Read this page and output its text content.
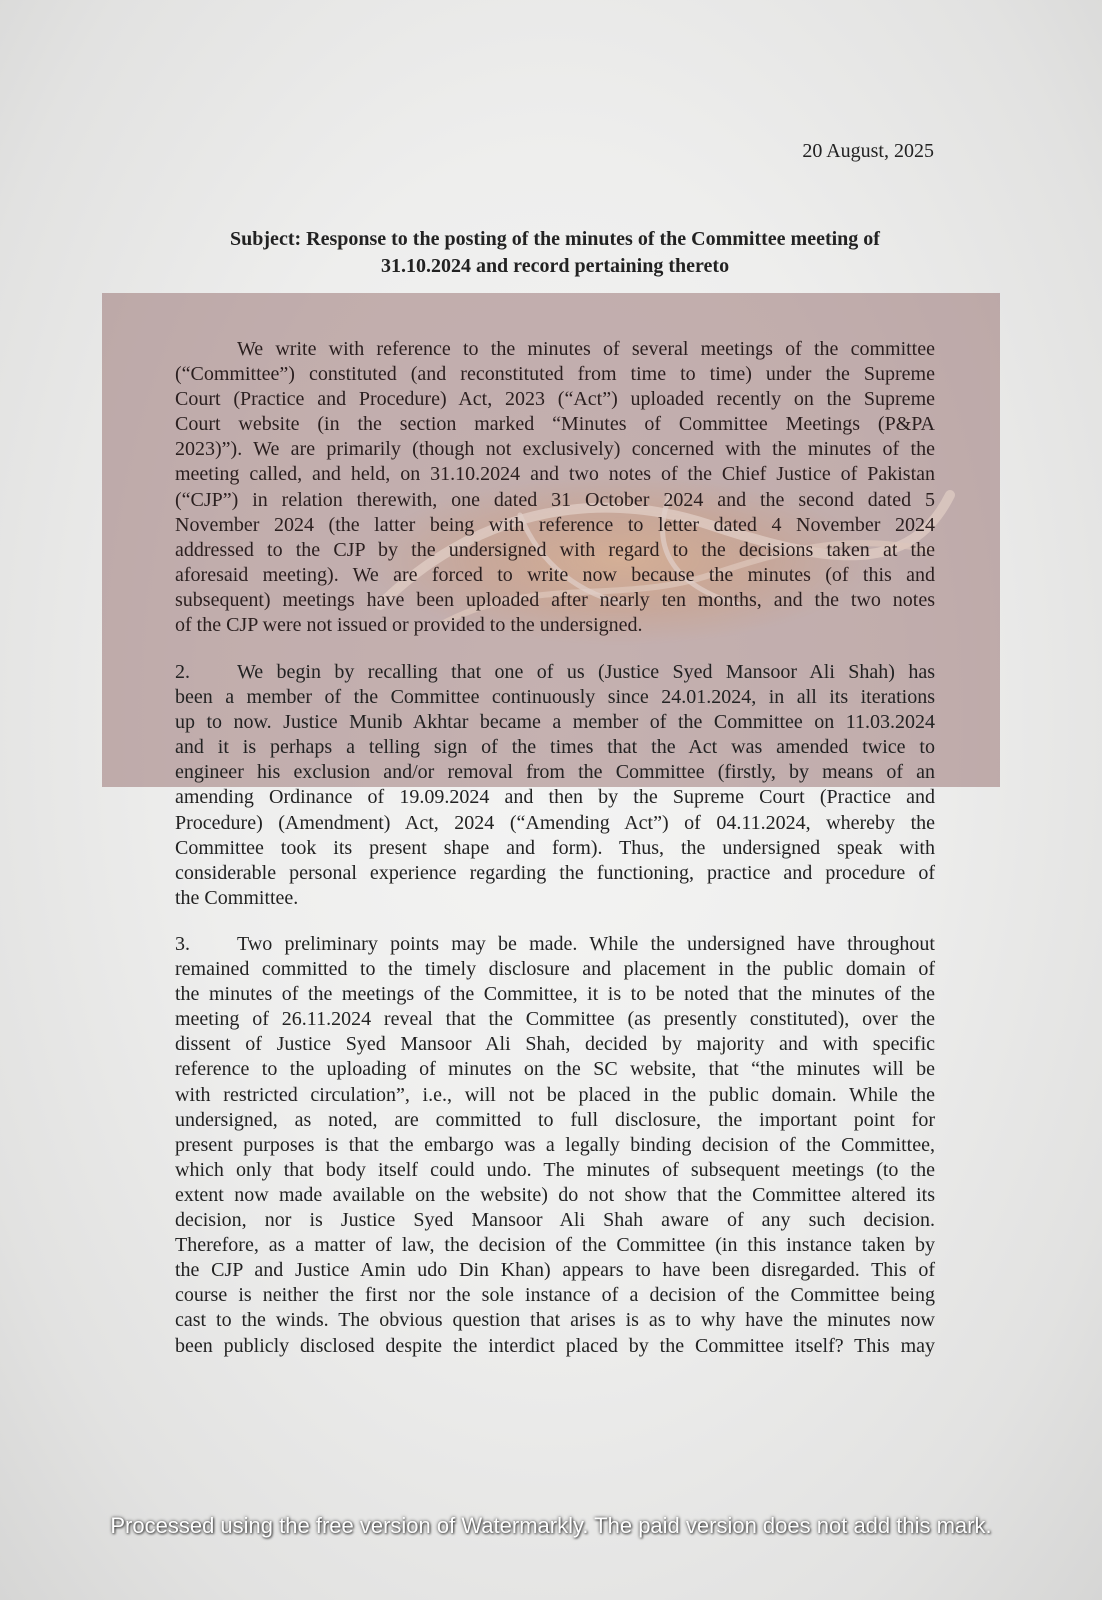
20 August, 2025
Subject: Response to the posting of the minutes of the Committee meeting of
31.10.2024 and record pertaining thereto
We write with reference to the minutes of several meetings of the committee
(“Committee”) constituted (and reconstituted from time to time) under the Supreme
Court (Practice and Procedure) Act, 2023 (“Act”) uploaded recently on the Supreme
Court website (in the section marked “Minutes of Committee Meetings (P&PA
2023)”). We are primarily (though not exclusively) concerned with the minutes of the
meeting called, and held, on 31.10.2024 and two notes of the Chief Justice of Pakistan
(“CJP”) in relation therewith, one dated 31 October 2024 and the second dated 5
November 2024 (the latter being with reference to letter dated 4 November 2024
addressed to the CJP by the undersigned with regard to the decisions taken at the
aforesaid meeting). We are forced to write now because the minutes (of this and
subsequent) meetings have been uploaded after nearly ten months, and the two notes
of the CJP were not issued or provided to the undersigned.
2.	We begin by recalling that one of us (Justice Syed Mansoor Ali Shah) has
been a member of the Committee continuously since 24.01.2024, in all its iterations
up to now. Justice Munib Akhtar became a member of the Committee on 11.03.2024
and it is perhaps a telling sign of the times that the Act was amended twice to
engineer his exclusion and/or removal from the Committee (firstly, by means of an
amending Ordinance of 19.09.2024 and then by the Supreme Court (Practice and
Procedure) (Amendment) Act, 2024 (“Amending Act”) of 04.11.2024, whereby the
Committee took its present shape and form). Thus, the undersigned speak with
considerable personal experience regarding the functioning, practice and procedure of
the Committee.
3.	Two preliminary points may be made. While the undersigned have throughout
remained committed to the timely disclosure and placement in the public domain of
the minutes of the meetings of the Committee, it is to be noted that the minutes of the
meeting of 26.11.2024 reveal that the Committee (as presently constituted), over the
dissent of Justice Syed Mansoor Ali Shah, decided by majority and with specific
reference to the uploading of minutes on the SC website, that “the minutes will be
with restricted circulation”, i.e., will not be placed in the public domain. While the
undersigned, as noted, are committed to full disclosure, the important point for
present purposes is that the embargo was a legally binding decision of the Committee,
which only that body itself could undo. The minutes of subsequent meetings (to the
extent now made available on the website) do not show that the Committee altered its
decision, nor is Justice Syed Mansoor Ali Shah aware of any such decision.
Therefore, as a matter of law, the decision of the Committee (in this instance taken by
the CJP and Justice Amin udo Din Khan) appears to have been disregarded. This of
course is neither the first nor the sole instance of a decision of the Committee being
cast to the winds. The obvious question that arises is as to why have the minutes now
been publicly disclosed despite the interdict placed by the Committee itself? This may
Processed using the free version of Watermarkly. The paid version does not add this mark.
